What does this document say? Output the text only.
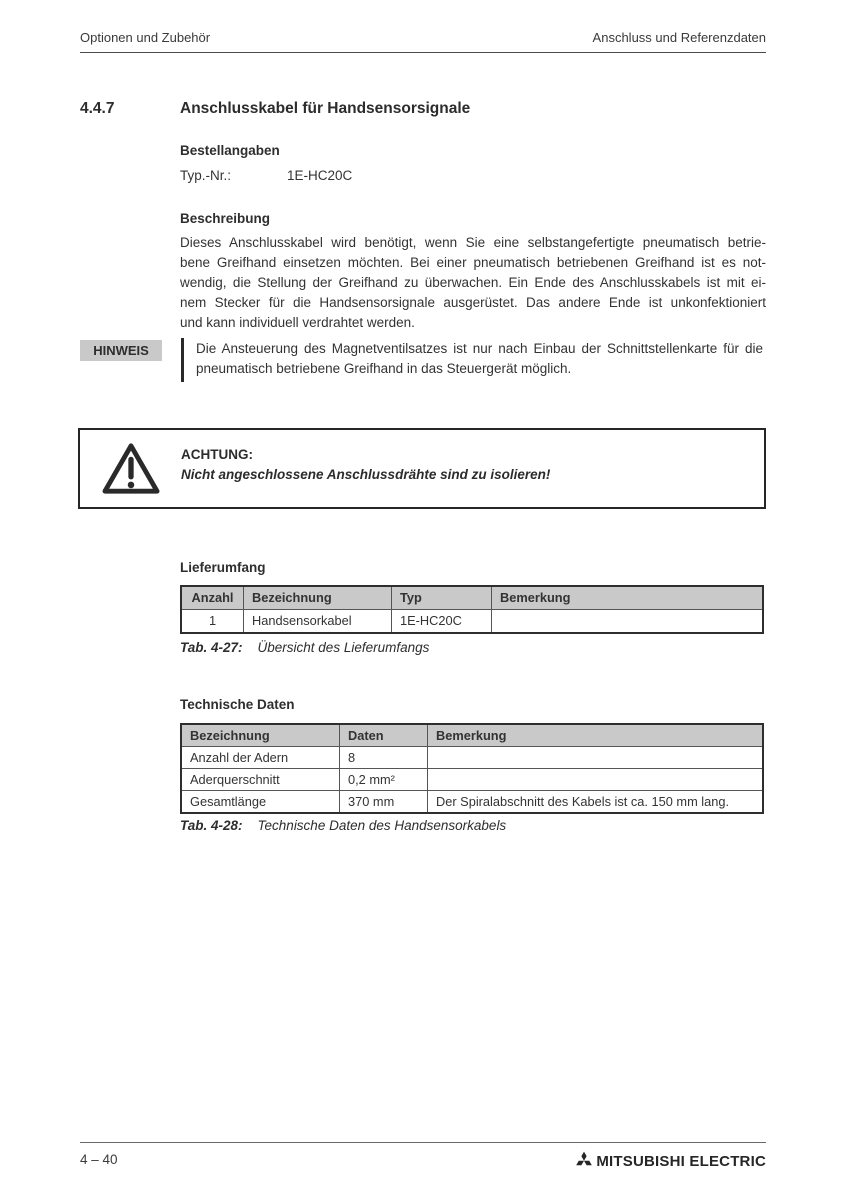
Optionen und Zubehör	Anschluss und Referenzdaten
4.4.7	Anschlusskabel für Handsensorsignale
Bestellangaben
Typ.-Nr.:	1E-HC20C
Beschreibung
Dieses Anschlusskabel wird benötigt, wenn Sie eine selbstangefertigte pneumatisch betrie-
bene Greifhand einsetzen möchten. Bei einer pneumatisch betriebenen Greifhand ist es not-
wendig, die Stellung der Greifhand zu überwachen. Ein Ende des Anschlusskabels ist mit ei-
nem Stecker für die Handsensorsignale ausgerüstet. Das andere Ende ist unkonfektioniert
und kann individuell verdrahtet werden.
HINWEIS	Die Ansteuerung des Magnetventilsatzes ist nur nach Einbau der Schnittstellenkarte für die
pneumatisch betriebene Greifhand in das Steuergerät möglich.
ACHTUNG:
Nicht angeschlossene Anschlussdrähte sind zu isolieren!
Lieferumfang
Anzahl	Bezeichnung	Typ	Bemerkung
1	Handsensorkabel	1E-HC20C
Tab. 4-27: Übersicht des Lieferumfangs
Technische Daten
Bezeichnung	Daten	Bemerkung
Anzahl der Adern	8
Aderquerschnitt	0,2 mm²
Gesamtlänge	370 mm	Der Spiralabschnitt des Kabels ist ca. 150 mm lang.
Tab. 4-28: Technische Daten des Handsensorkabels
4 – 40	MITSUBISHI ELECTRIC
